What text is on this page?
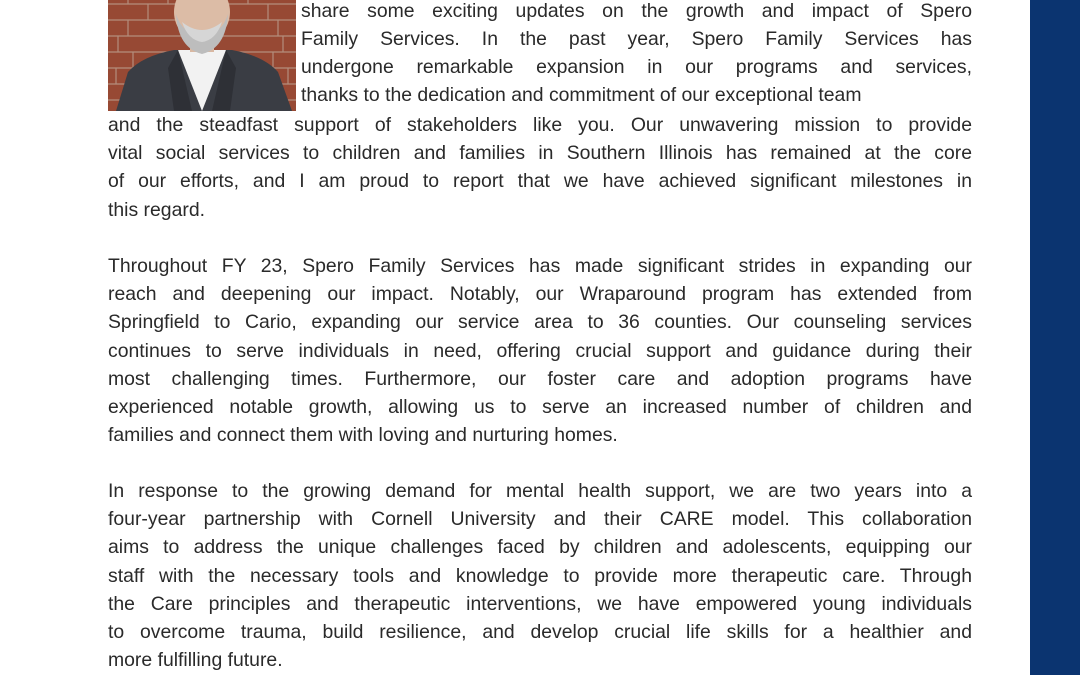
share some exciting updates on the growth and impact of Spero
Family Services. In the past year, Spero Family Services has
undergone remarkable expansion in our programs and services,
thanks to the dedication and commitment of our exceptional team

and the steadfast support of stakeholders like you. Our unwavering mission to provide
vital social services to children and families in Southern Illinois has remained at the core
of our efforts, and I am proud to report that we have achieved significant milestones in
this regard.

Throughout FY 23, Spero Family Services has made significant strides in expanding our
reach and deepening our impact. Notably, our Wraparound program has extended from
Springfield to Cario, expanding our service area to 36 counties. Our counseling services
continues to serve individuals in need, offering crucial support and guidance during their
most challenging times. Furthermore, our foster care and adoption programs have
experienced notable growth, allowing us to serve an increased number of children and
families and connect them with loving and nurturing homes.

In response to the growing demand for mental health support, we are two years into a
four-year partnership with Cornell University and their CARE model. This collaboration
aims to address the unique challenges faced by children and adolescents, equipping our
staff with the necessary tools and knowledge to provide more therapeutic care. Through
the Care principles and therapeutic interventions, we have empowered young individuals
to overcome trauma, build resilience, and develop crucial life skills for a healthier and
more fulfilling future.
